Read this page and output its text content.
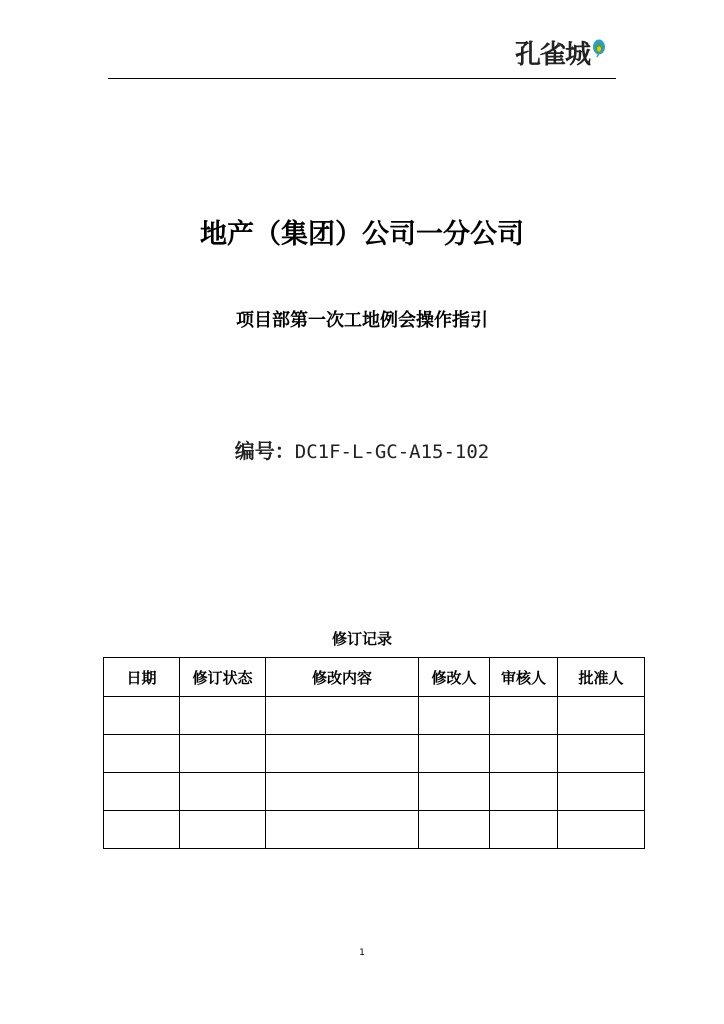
孔雀城
地产（集团）公司一分公司
项目部第一次工地例会操作指引
编号：DC1F-L-GC-A15-102
修订记录
日期	修订状态	修改内容	修改人	审核人	批准人

1
